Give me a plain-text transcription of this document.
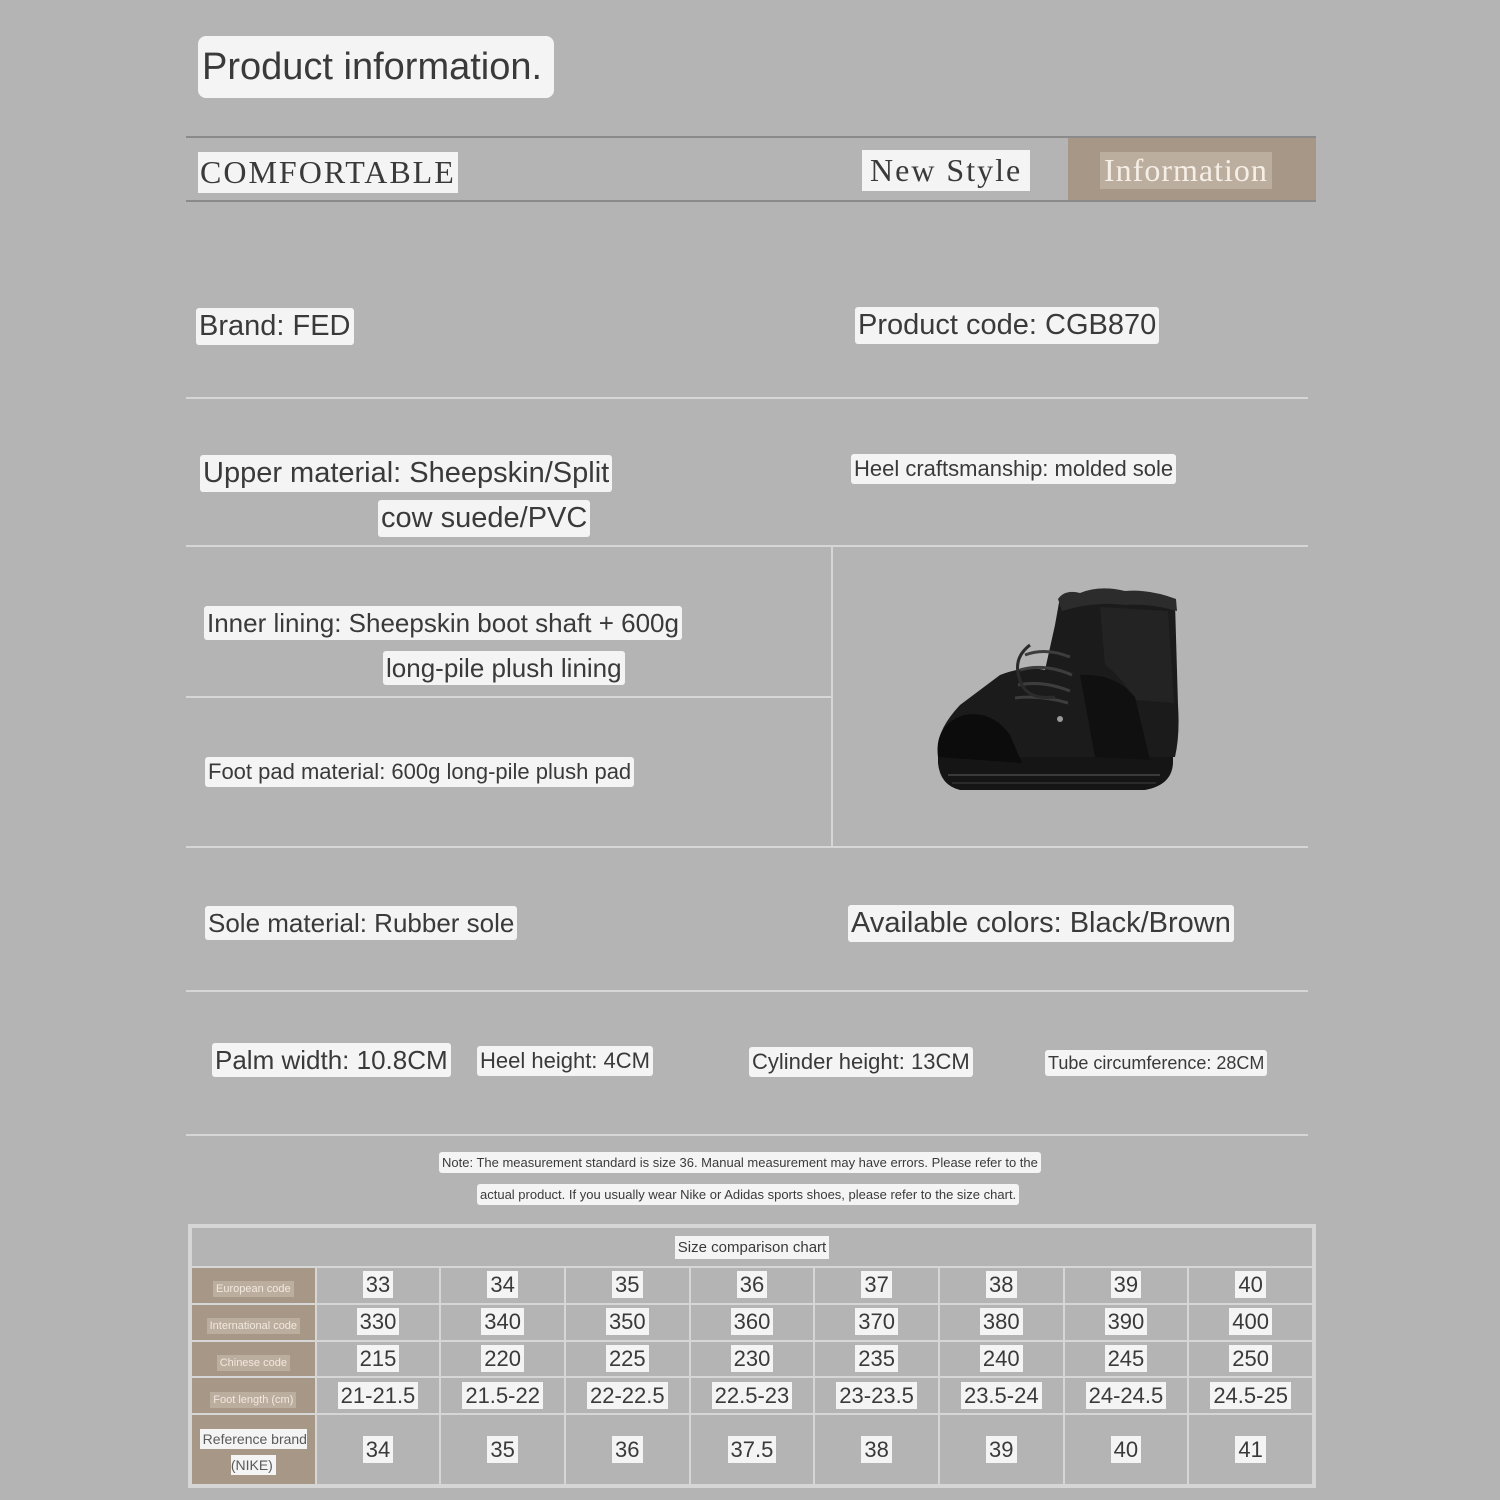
Product information.
COMFORTABLE	New Style	Information
Brand: FED	Product code: CGB870
Upper material: Sheepskin/Split
cow suede/PVC
Heel craftsmanship: molded sole
Inner lining: Sheepskin boot shaft + 600g
long-pile plush lining
Foot pad material: 600g long-pile plush pad
Sole material: Rubber sole	Available colors: Black/Brown
Palm width: 10.8CM Heel height: 4CM	Cylinder height: 13CM	Tube circumference: 28CM
Note: The measurement standard is size 36. Manual measurement may have errors. Please refer to the
actual product. If you usually wear Nike or Adidas sports shoes, please refer to the size chart.
Size comparison chart								
European code	33	34	35	36	37	38	39	40
International code	330	340	350	360	370	380	390	400
Chinese code	215	220	225	230	235	240	245	250
Foot length (cm)	21-21.5	21.5-22	22-22.5	22.5-23	23-23.5	23.5-24	24-24.5	24.5-25
Reference brand (NIKE)	34	35	36	37.5	38	39	40	41
